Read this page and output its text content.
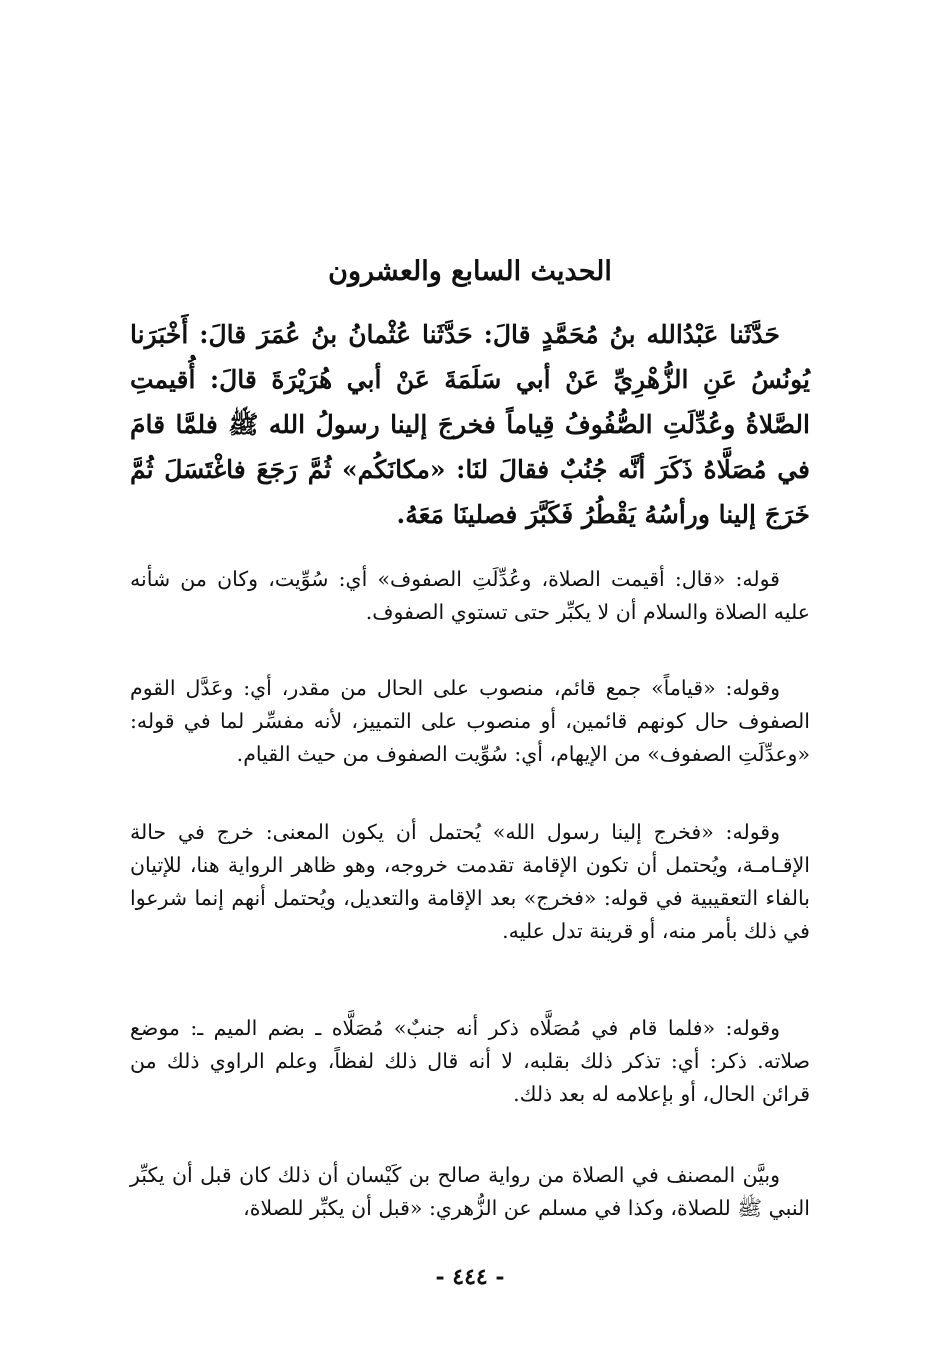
الحديث السابع والعشرون

حَدَّثَنا عَبْدُالله بنُ مُحَمَّدٍ قالَ: حَدَّثَنا عُثْمانُ بنُ عُمَرَ قالَ: أَخْبَرَنا يُونُسُ عَنِ الزُّهْرِيِّ عَنْ أبي سَلَمَةَ عَنْ أبي هُرَيْرَةَ قالَ: أُقيمتِ الصَّلاةُ وعُدِّلَتِ الصُّفُوفُ قِياماً فخرجَ إلينا رسولُ الله ﷺ فلمَّا قامَ في مُصَلَّاهُ ذَكَرَ أنَّه جُنُبٌ فقالَ لنَا: «مكانَكُم» ثُمَّ رَجَعَ فاغْتَسَلَ ثُمَّ خَرَجَ إلينا ورأسُهُ يَقْطُرُ فَكَبَّرَ فصلينَا مَعَهُ.

قوله: «قال: أقيمت الصلاة، وعُدِّلَتِ الصفوف» أي: سُوِّيت، وكان من شأنه عليه الصلاة والسلام أن لا يكبِّر حتى تستوي الصفوف.

وقوله: «قياماً» جمع قائم، منصوب على الحال من مقدر، أي: وعَدَّل القوم الصفوف حال كونهم قائمين، أو منصوب على التمييز، لأنه مفسِّر لما في قوله: «وعدِّلَتِ الصفوف» من الإيهام، أي: سُوِّيت الصفوف من حيث القيام.

وقوله: «فخرج إلينا رسول الله» يُحتمل أن يكون المعنى: خرج في حالة الإقـامـة، ويُحتمل أن تكون الإقامة تقدمت خروجه، وهو ظاهر الرواية هنا، للإتيان بالفاء التعقيبية في قوله: «فخرج» بعد الإقامة والتعديل، ويُحتمل أنهم إنما شرعوا في ذلك بأمر منه، أو قرينة تدل عليه.

وقوله: «فلما قام في مُصَلَّاه ذكر أنه جنبٌ» مُصَلَّاه ـ بضم الميم ـ: موضع صلاته. ذكر: أي: تذكر ذلك بقلبه، لا أنه قال ذلك لفظاً، وعلم الراوي ذلك من قرائن الحال، أو بإعلامه له بعد ذلك.

وبيَّن المصنف في الصلاة من رواية صالح بن كَيْسان أن ذلك كان قبل أن يكبِّر النبي ﷺ للصلاة، وكذا في مسلم عن الزُّهري: «قبل أن يكبِّر للصلاة،

- ٤٤٤ -
